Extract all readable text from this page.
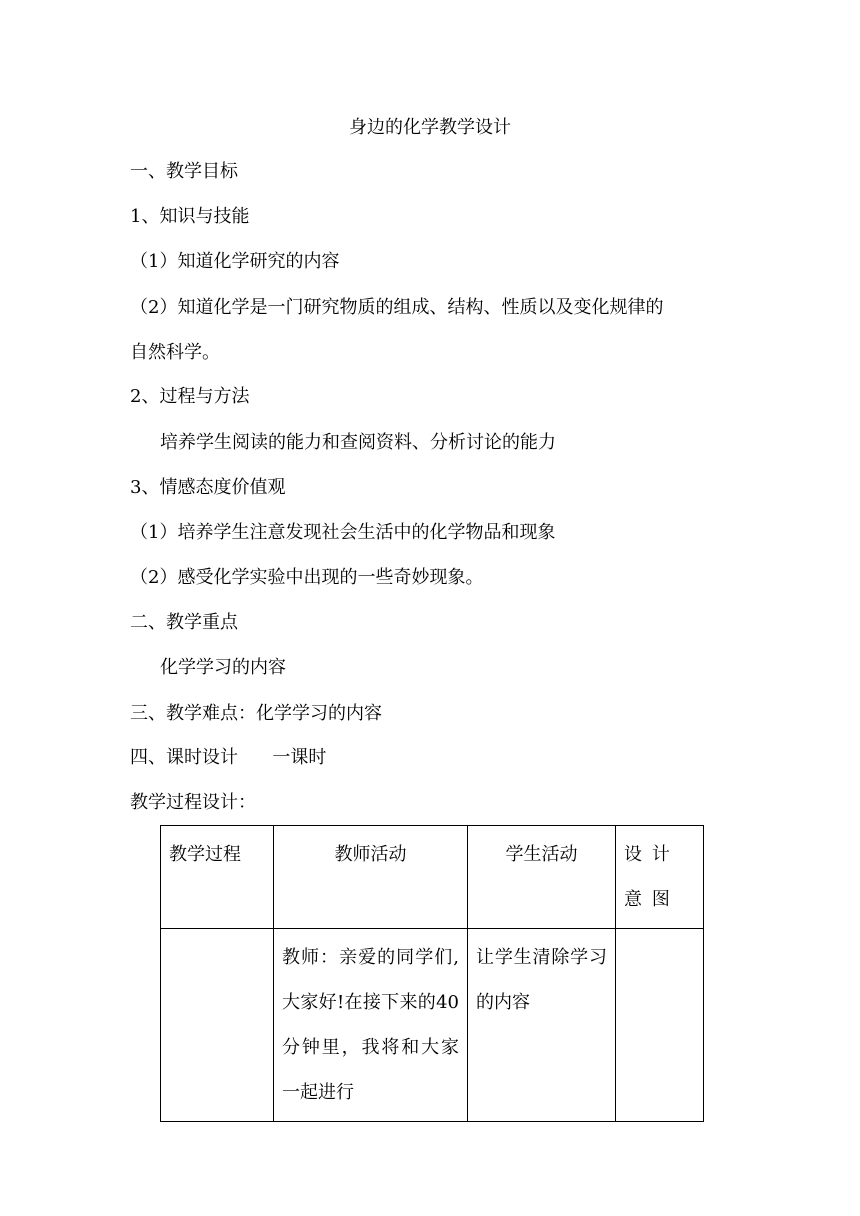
身边的化学教学设计
一、教学目标
1、知识与技能
（1）知道化学研究的内容
（2）知道化学是一门研究物质的组成、结构、性质以及变化规律的
自然科学。
2、过程与方法
培养学生阅读的能力和查阅资料、分析讨论的能力
3、情感态度价值观
（1）培养学生注意发现社会生活中的化学物品和现象
（2）感受化学实验中出现的一些奇妙现象。
二、教学重点
化学学习的内容
三、教学难点：化学学习的内容
四、课时设计      一课时
教学过程设计：
教学过程	教师活动	学生活动	设计意图
	教师：亲爱的同学们,大家好!在接下来的40分钟里，我将和大家一起进行	让学生清除学习的内容	
